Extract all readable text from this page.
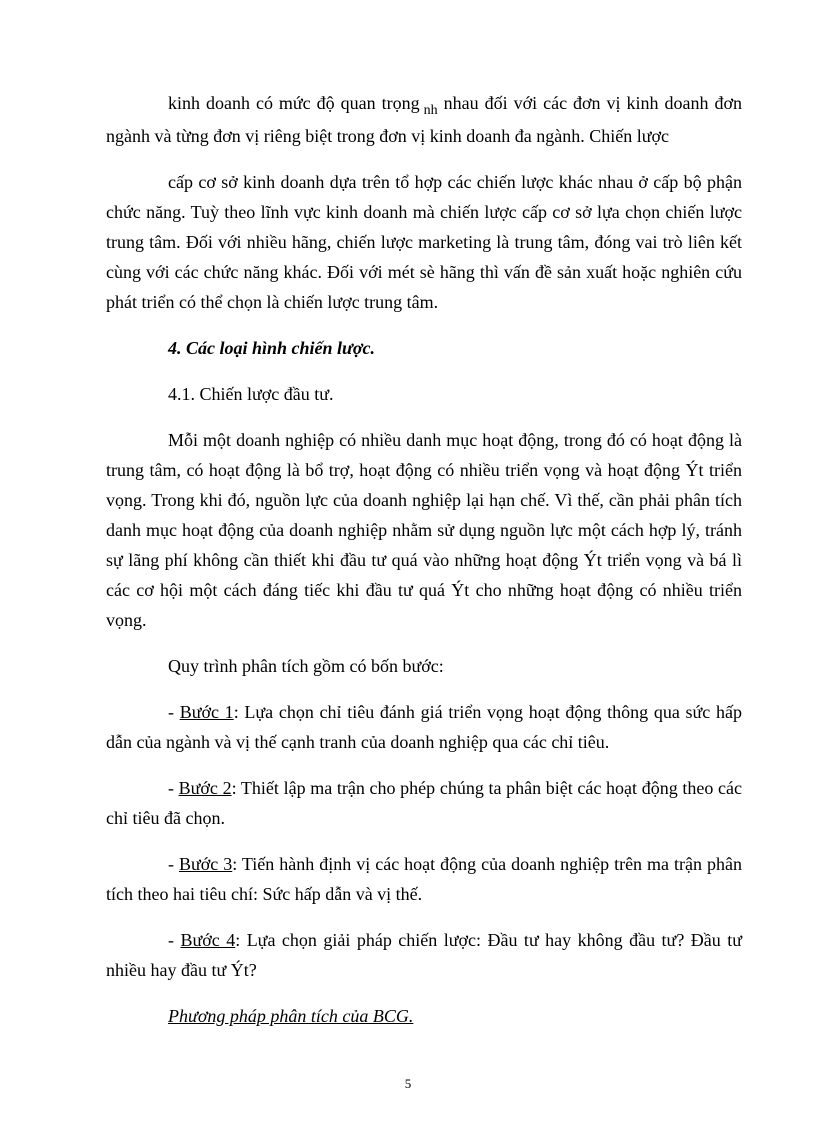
kinh doanh có mức độ quan trọng $_{nh}$ nhau đối với các đơn vị kinh doanh đơn ngành và từng đơn vị riêng biệt trong đơn vị kinh doanh đa ngành. Chiến lược

cấp cơ sở kinh doanh dựa trên tổ hợp các chiến lược khác nhau ở cấp bộ phận chức năng. Tuỳ theo lĩnh vực kinh doanh mà chiến lược cấp cơ sở lựa chọn chiến lược trung tâm. Đối với nhiều hãng, chiến lược marketing là trung tâm, đóng vai trò liên kết cùng với các chức năng khác. Đối với mét sè hãng thì vấn đề sản xuất hoặc nghiên cứu phát triển có thể chọn là chiến lược trung tâm.

4. Các loại hình chiến lược.

4.1. Chiến lược đầu tư.

Mỗi một doanh nghiệp có nhiều danh mục hoạt động, trong đó có hoạt động là trung tâm, có hoạt động là bổ trợ, hoạt động có nhiều triển vọng và hoạt động Ýt triển vọng. Trong khi đó, nguồn lực của doanh nghiệp lại hạn chế. Vì thế, cần phải phân tích danh mục hoạt động của doanh nghiệp nhằm sử dụng nguồn lực một cách hợp lý, tránh sự lãng phí không cần thiết khi đầu tư quá vào những hoạt động Ýt triển vọng và bá lì các cơ hội một cách đáng tiếc khi đầu tư quá Ýt cho những hoạt động có nhiều triển vọng.

Quy trình phân tích gồm có bốn bước:

- Bước 1: Lựa chọn chỉ tiêu đánh giá triển vọng hoạt động thông qua sức hấp dẫn của ngành và vị thế cạnh tranh của doanh nghiệp qua các chỉ tiêu.

- Bước 2: Thiết lập ma trận cho phép chúng ta phân biệt các hoạt động theo các chỉ tiêu đã chọn.

- Bước 3: Tiến hành định vị các hoạt động của doanh nghiệp trên ma trận phân tích theo hai tiêu chí: Sức hấp dẫn và vị thế.

- Bước 4: Lựa chọn giải pháp chiến lược: Đầu tư hay không đầu tư? Đầu tư nhiều hay đầu tư Ýt?

Phương pháp phân tích của BCG.

5
